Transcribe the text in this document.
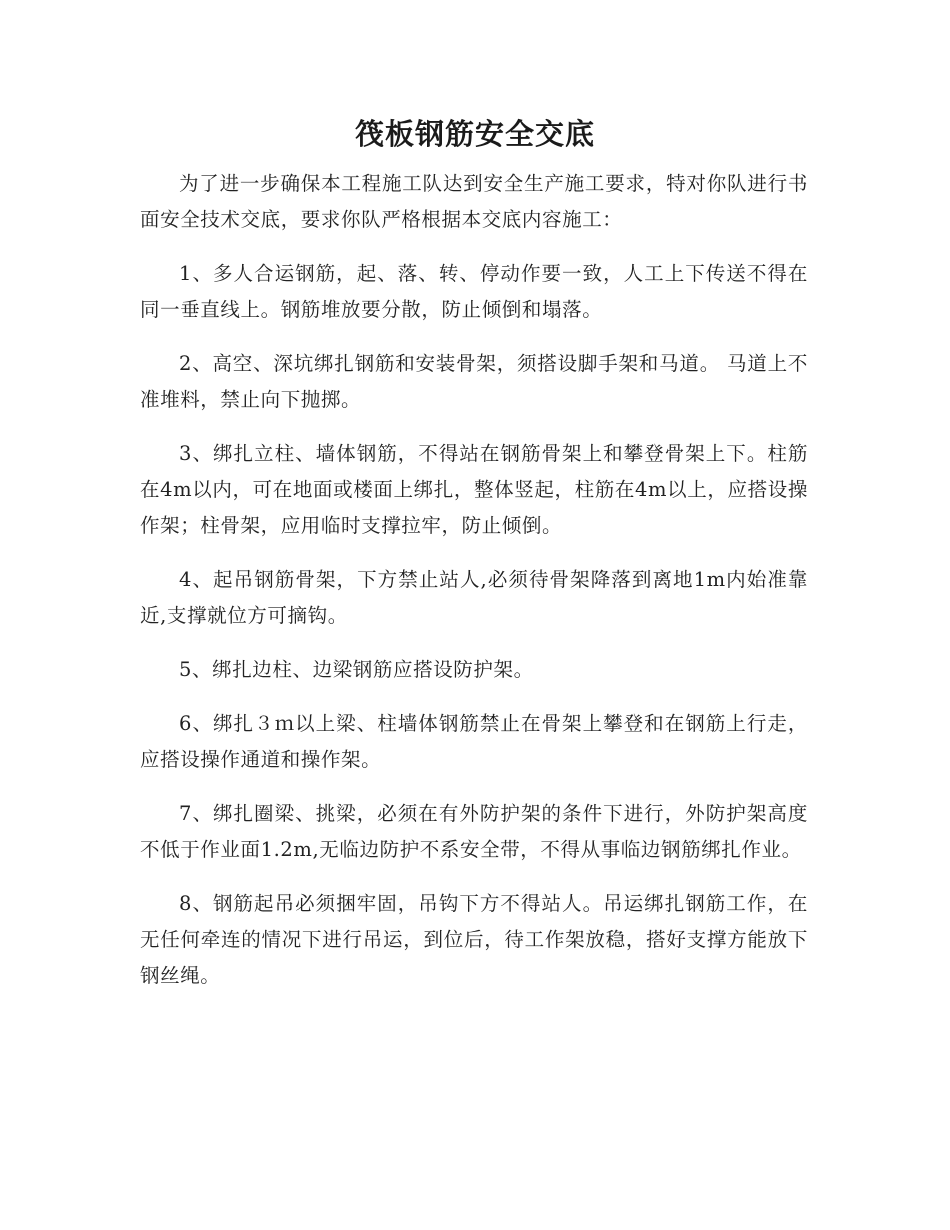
筏板钢筋安全交底

为了进一步确保本工程施工队达到安全生产施工要求，特对你队进行书面安全技术交底，要求你队严格根据本交底内容施工：

1、多人合运钢筋，起、落、转、停动作要一致，人工上下传送不得在同一垂直线上。钢筋堆放要分散，防止倾倒和塌落。

2、高空、深坑绑扎钢筋和安装骨架，须搭设脚手架和马道。 马道上不准堆料，禁止向下抛掷。

3、绑扎立柱、墙体钢筋，不得站在钢筋骨架上和攀登骨架上下。柱筋在4m以内，可在地面或楼面上绑扎，整体竖起，柱筋在4m以上，应搭设操作架；柱骨架，应用临时支撑拉牢，防止倾倒。

4、起吊钢筋骨架，下方禁止站人,必须待骨架降落到离地1m内始准靠近,支撑就位方可摘钩。

5、绑扎边柱、边梁钢筋应搭设防护架。

6、绑扎３ｍ以上梁、柱墙体钢筋禁止在骨架上攀登和在钢筋上行走，应搭设操作通道和操作架。

7、绑扎圈梁、挑梁，必须在有外防护架的条件下进行，外防护架高度不低于作业面1.2m,无临边防护不系安全带，不得从事临边钢筋绑扎作业。

8、钢筋起吊必须捆牢固，吊钩下方不得站人。吊运绑扎钢筋工作，在无任何牵连的情况下进行吊运，到位后，待工作架放稳，搭好支撑方能放下钢丝绳。
